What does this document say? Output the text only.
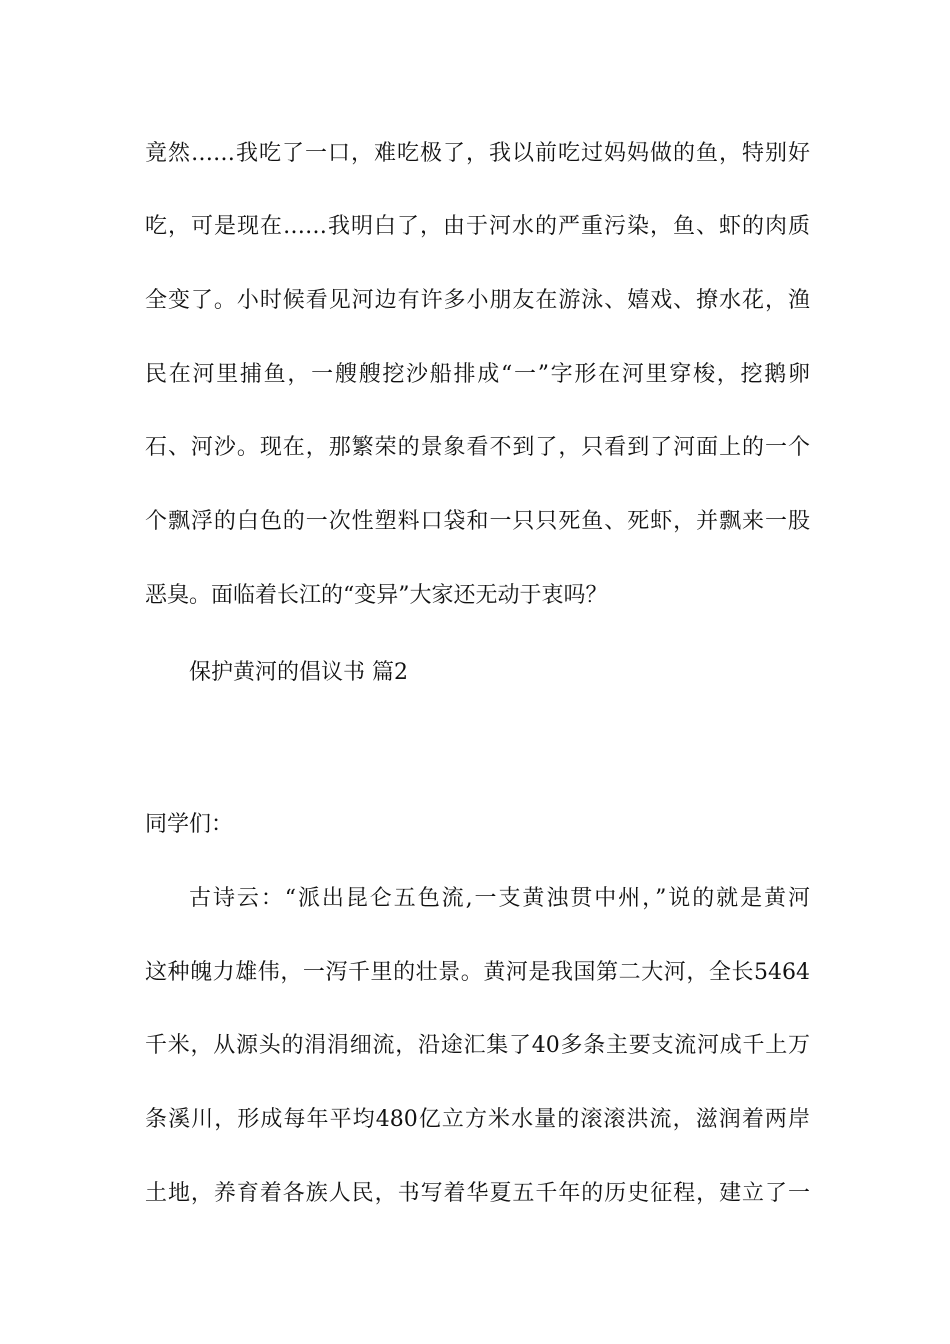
竟然……我吃了一口，难吃极了，我以前吃过妈妈做的鱼，特别好
吃，可是现在……我明白了，由于河水的严重污染，鱼、虾的肉质
全变了。小时候看见河边有许多小朋友在游泳、嬉戏、撩水花，渔
民在河里捕鱼，一艘艘挖沙船排成“一”字形在河里穿梭，挖鹅卵
石、河沙。现在，那繁荣的景象看不到了，只看到了河面上的一个
个飘浮的白色的一次性塑料口袋和一只只死鱼、死虾，并飘来一股
恶臭。面临着长江的“变异”大家还无动于衷吗？
保护黄河的倡议书 篇2
同学们：
古诗云：“派出昆仑五色流,一支黄浊贯中州，”说的就是黄河
这种魄力雄伟，一泻千里的壮景。黄河是我国第二大河，全长5464
千米，从源头的涓涓细流，沿途汇集了40多条主要支流河成千上万
条溪川，形成每年平均480亿立方米水量的滚滚洪流，滋润着两岸
土地，养育着各族人民，书写着华夏五千年的历史征程，建立了一
